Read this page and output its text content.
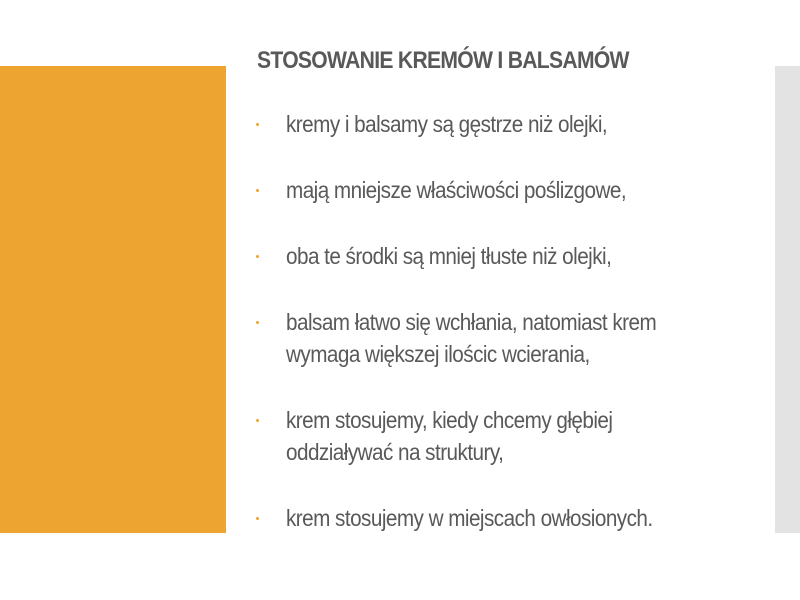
STOSOWANIE KREMÓW I BALSAMÓW
kremy i balsamy są gęstrze niż olejki,
mają mniejsze właściwości poślizgowe,
oba te środki są mniej tłuste niż olejki,
balsam łatwo się wchłania, natomiast krem wymaga większej ilościc wcierania,
krem stosujemy, kiedy chcemy głębiej oddziaływać na struktury,
krem stosujemy w miejscach owłosionych.
